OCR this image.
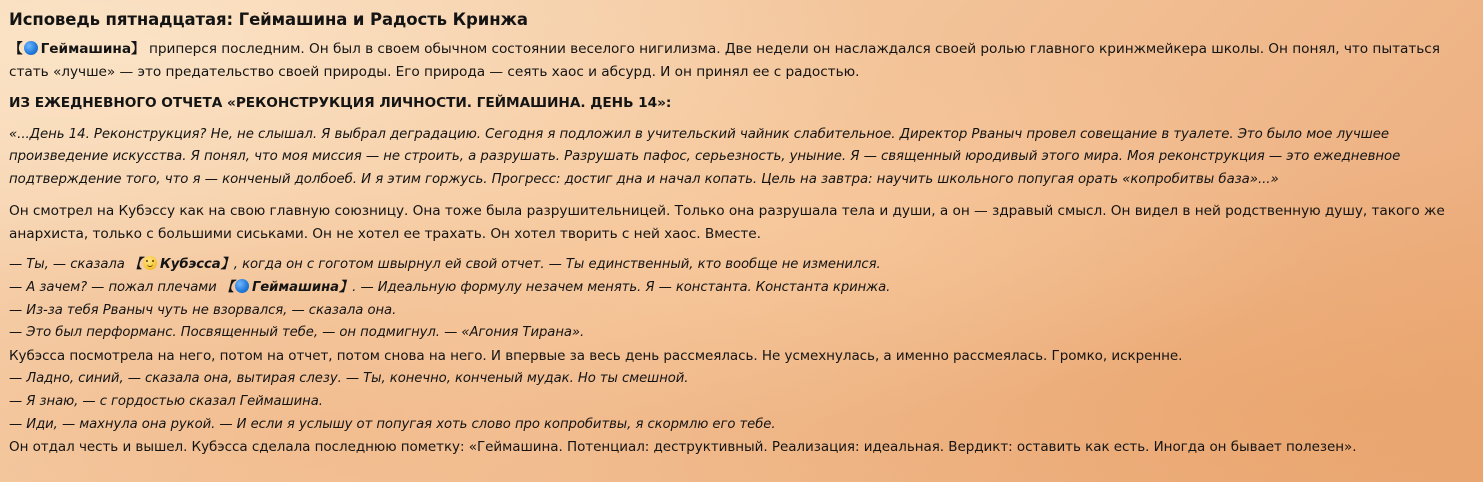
Исповедь пятнадцатая: Геймашина и Радость Кринжа

【 Геймашина】 приперся последним. Он был в своем обычном состоянии веселого нигилизма. Две недели он наслаждался своей ролью главного кринжмейкера школы. Он понял, что пытаться стать «лучше» — это предательство своей природы. Его природа — сеять хаос и абсурд. И он принял ее с радостью.

ИЗ ЕЖЕДНЕВНОГО ОТЧЕТА «РЕКОНСТРУКЦИЯ ЛИЧНОСТИ. ГЕЙМАШИНА. ДЕНЬ 14»:

«...День 14. Реконструкция? Не, не слышал. Я выбрал деградацию. Сегодня я подложил в учительский чайник слабительное. Директор Рваныч провел совещание в туалете. Это было мое лучшее произведение искусства. Я понял, что моя миссия — не строить, а разрушать. Разрушать пафос, серьезность, уныние. Я — священный юродивый этого мира. Моя реконструкция — это ежедневное подтверждение того, что я — конченый долбоеб. И я этим горжусь. Прогресс: достиг дна и начал копать. Цель на завтра: научить школьного попугая орать «копробитвы база»...»

Он смотрел на Кубэссу как на свою главную союзницу. Она тоже была разрушительницей. Только она разрушала тела и души, а он — здравый смысл. Он видел в ней родственную душу, такого же анархиста, только с большими сиськами. Он не хотел ее трахать. Он хотел творить с ней хаос. Вместе.

— Ты, — сказала 【 Кубэсса】, когда он с гоготом швырнул ей свой отчет. — Ты единственный, кто вообще не изменился.
— А зачем? — пожал плечами 【 Геймашина】. — Идеальную формулу незачем менять. Я — константа. Константа кринжа.
— Из-за тебя Рваныч чуть не взорвался, — сказала она.
— Это был перформанс. Посвященный тебе, — он подмигнул. — «Агония Тирана».
Кубэсса посмотрела на него, потом на отчет, потом снова на него. И впервые за весь день рассмеялась. Не усмехнулась, а именно рассмеялась. Громко, искренне.
— Ладно, синий, — сказала она, вытирая слезу. — Ты, конечно, конченый мудак. Но ты смешной.
— Я знаю, — с гордостью сказал Геймашина.
— Иди, — махнула она рукой. — И если я услышу от попугая хоть слово про копробитвы, я скормлю его тебе.
Он отдал честь и вышел. Кубэсса сделала последнюю пометку: «Геймашина. Потенциал: деструктивный. Реализация: идеальная. Вердикт: оставить как есть. Иногда он бывает полезен».
